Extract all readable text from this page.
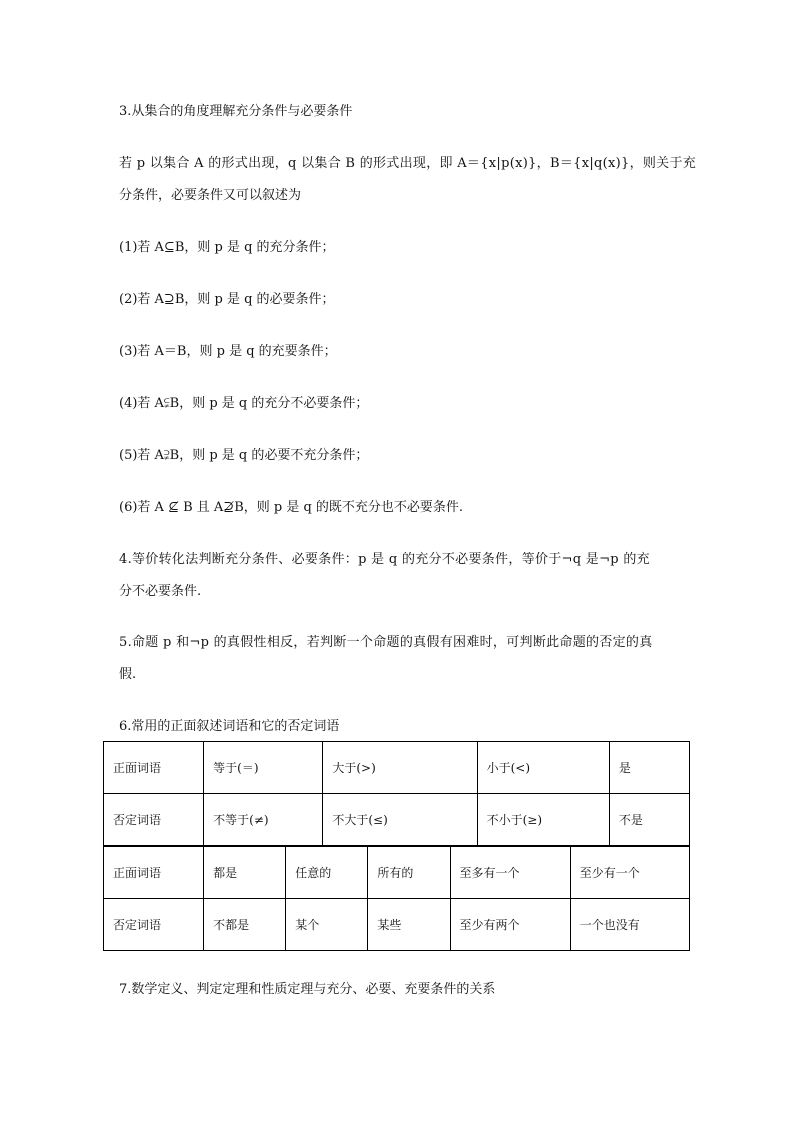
3.从集合的角度理解充分条件与必要条件
若 p 以集合 A 的形式出现，q 以集合 B 的形式出现，即 A＝{x|p(x)}，B＝{x|q(x)}，则关于充
分条件，必要条件又可以叙述为
(1)若 A⊆B，则 p 是 q 的充分条件；
(2)若 A⊇B，则 p 是 q 的必要条件；
(3)若 A＝B，则 p 是 q 的充要条件；
(4)若 A⫋B，则 p 是 q 的充分不必要条件；
(5)若 A⫌B，则 p 是 q 的必要不充分条件；
(6)若 A ⊈ B 且 A⊉B，则 p 是 q 的既不充分也不必要条件.
4.等价转化法判断充分条件、必要条件：p 是 q 的充分不必要条件，等价于¬q 是¬p 的充
分不必要条件.
5.命题 p 和¬p 的真假性相反，若判断一个命题的真假有困难时，可判断此命题的否定的真
假.
6.常用的正面叙述词语和它的否定词语
正面词语	等于(＝)	大于(>)	小于(<)	是
否定词语	不等于(≠)	不大于(≤)	不小于(≥)	不是
正面词语	都是	任意的	所有的	至多有一个	至少有一个
否定词语	不都是	某个	某些	至少有两个	一个也没有
7.数学定义、判定定理和性质定理与充分、必要、充要条件的关系
